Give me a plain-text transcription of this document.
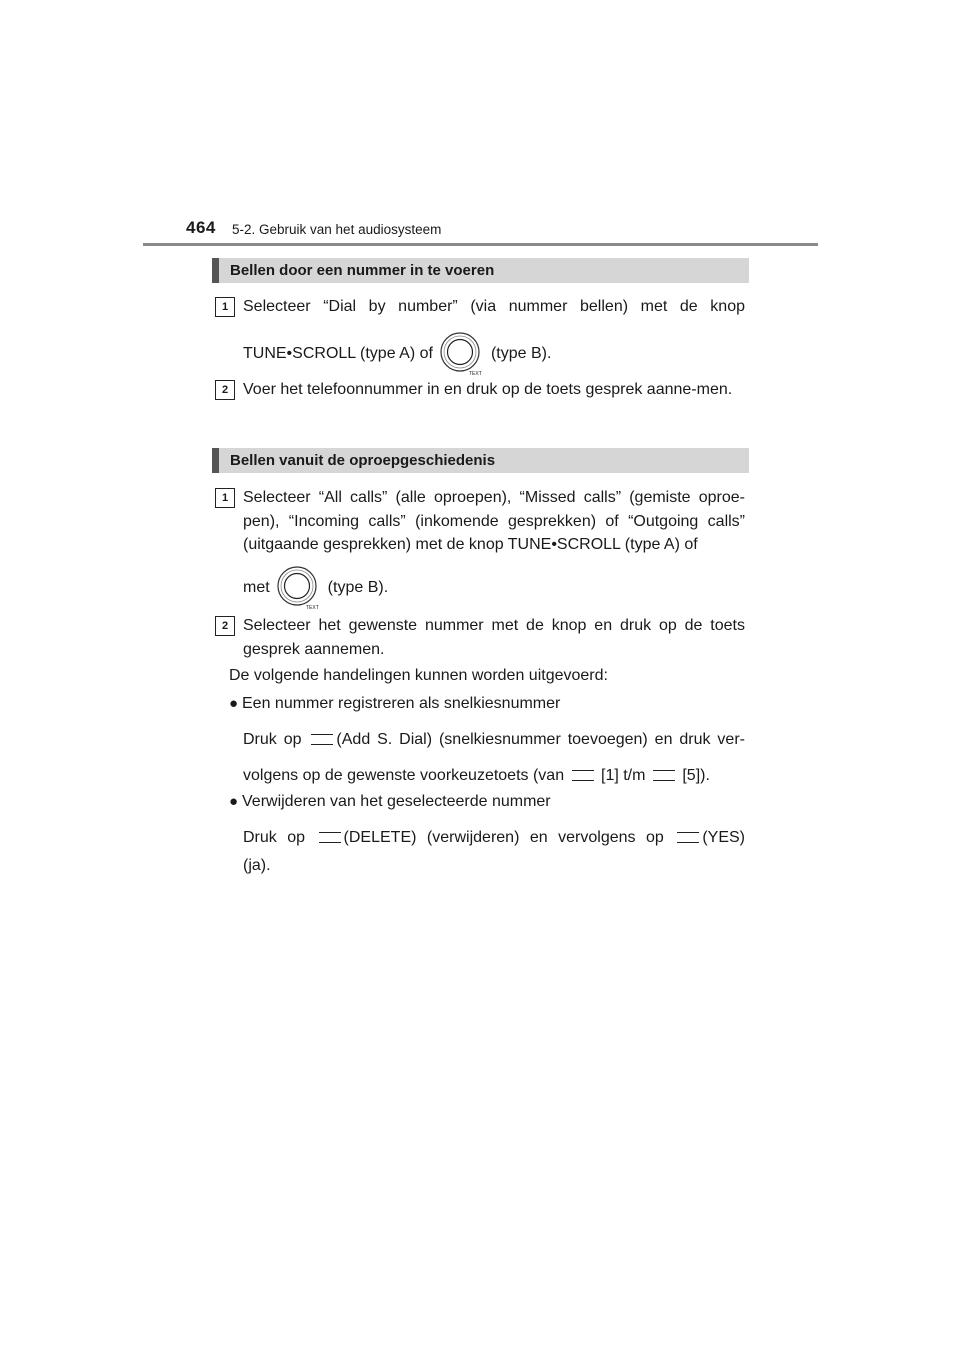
464 5-2. Gebruik van het audiosysteem
Bellen door een nummer in te voeren
1 Selecteer “Dial by number” (via nummer bellen) met de knop
TUNE•SCROLL (type A) of
TEXT
(type B).
2 Voer het telefoonnummer in en druk op de toets gesprek aanne-men.
Bellen vanuit de oproepgeschiedenis
1 Selecteer “All calls” (alle oproepen), “Missed calls” (gemiste oproe-pen), “Incoming calls” (inkomende gesprekken) of “Outgoing calls” (uitgaande gesprekken) met de knop TUNE•SCROLL (type A) of
met
TEXT
(type B).
2 Selecteer het gewenste nummer met de knop en druk op de toets gesprek aannemen.
De volgende handelingen kunnen worden uitgevoerd:
● Een nummer registreren als snelkiesnummer
Druk op (Add S. Dial) (snelkiesnummer toevoegen) en druk ver-
volgens op de gewenste voorkeuzetoets (van [1] t/m [5]).
● Verwijderen van het geselecteerde nummer
Druk op (DELETE) (verwijderen) en vervolgens op (YES)
(ja).
